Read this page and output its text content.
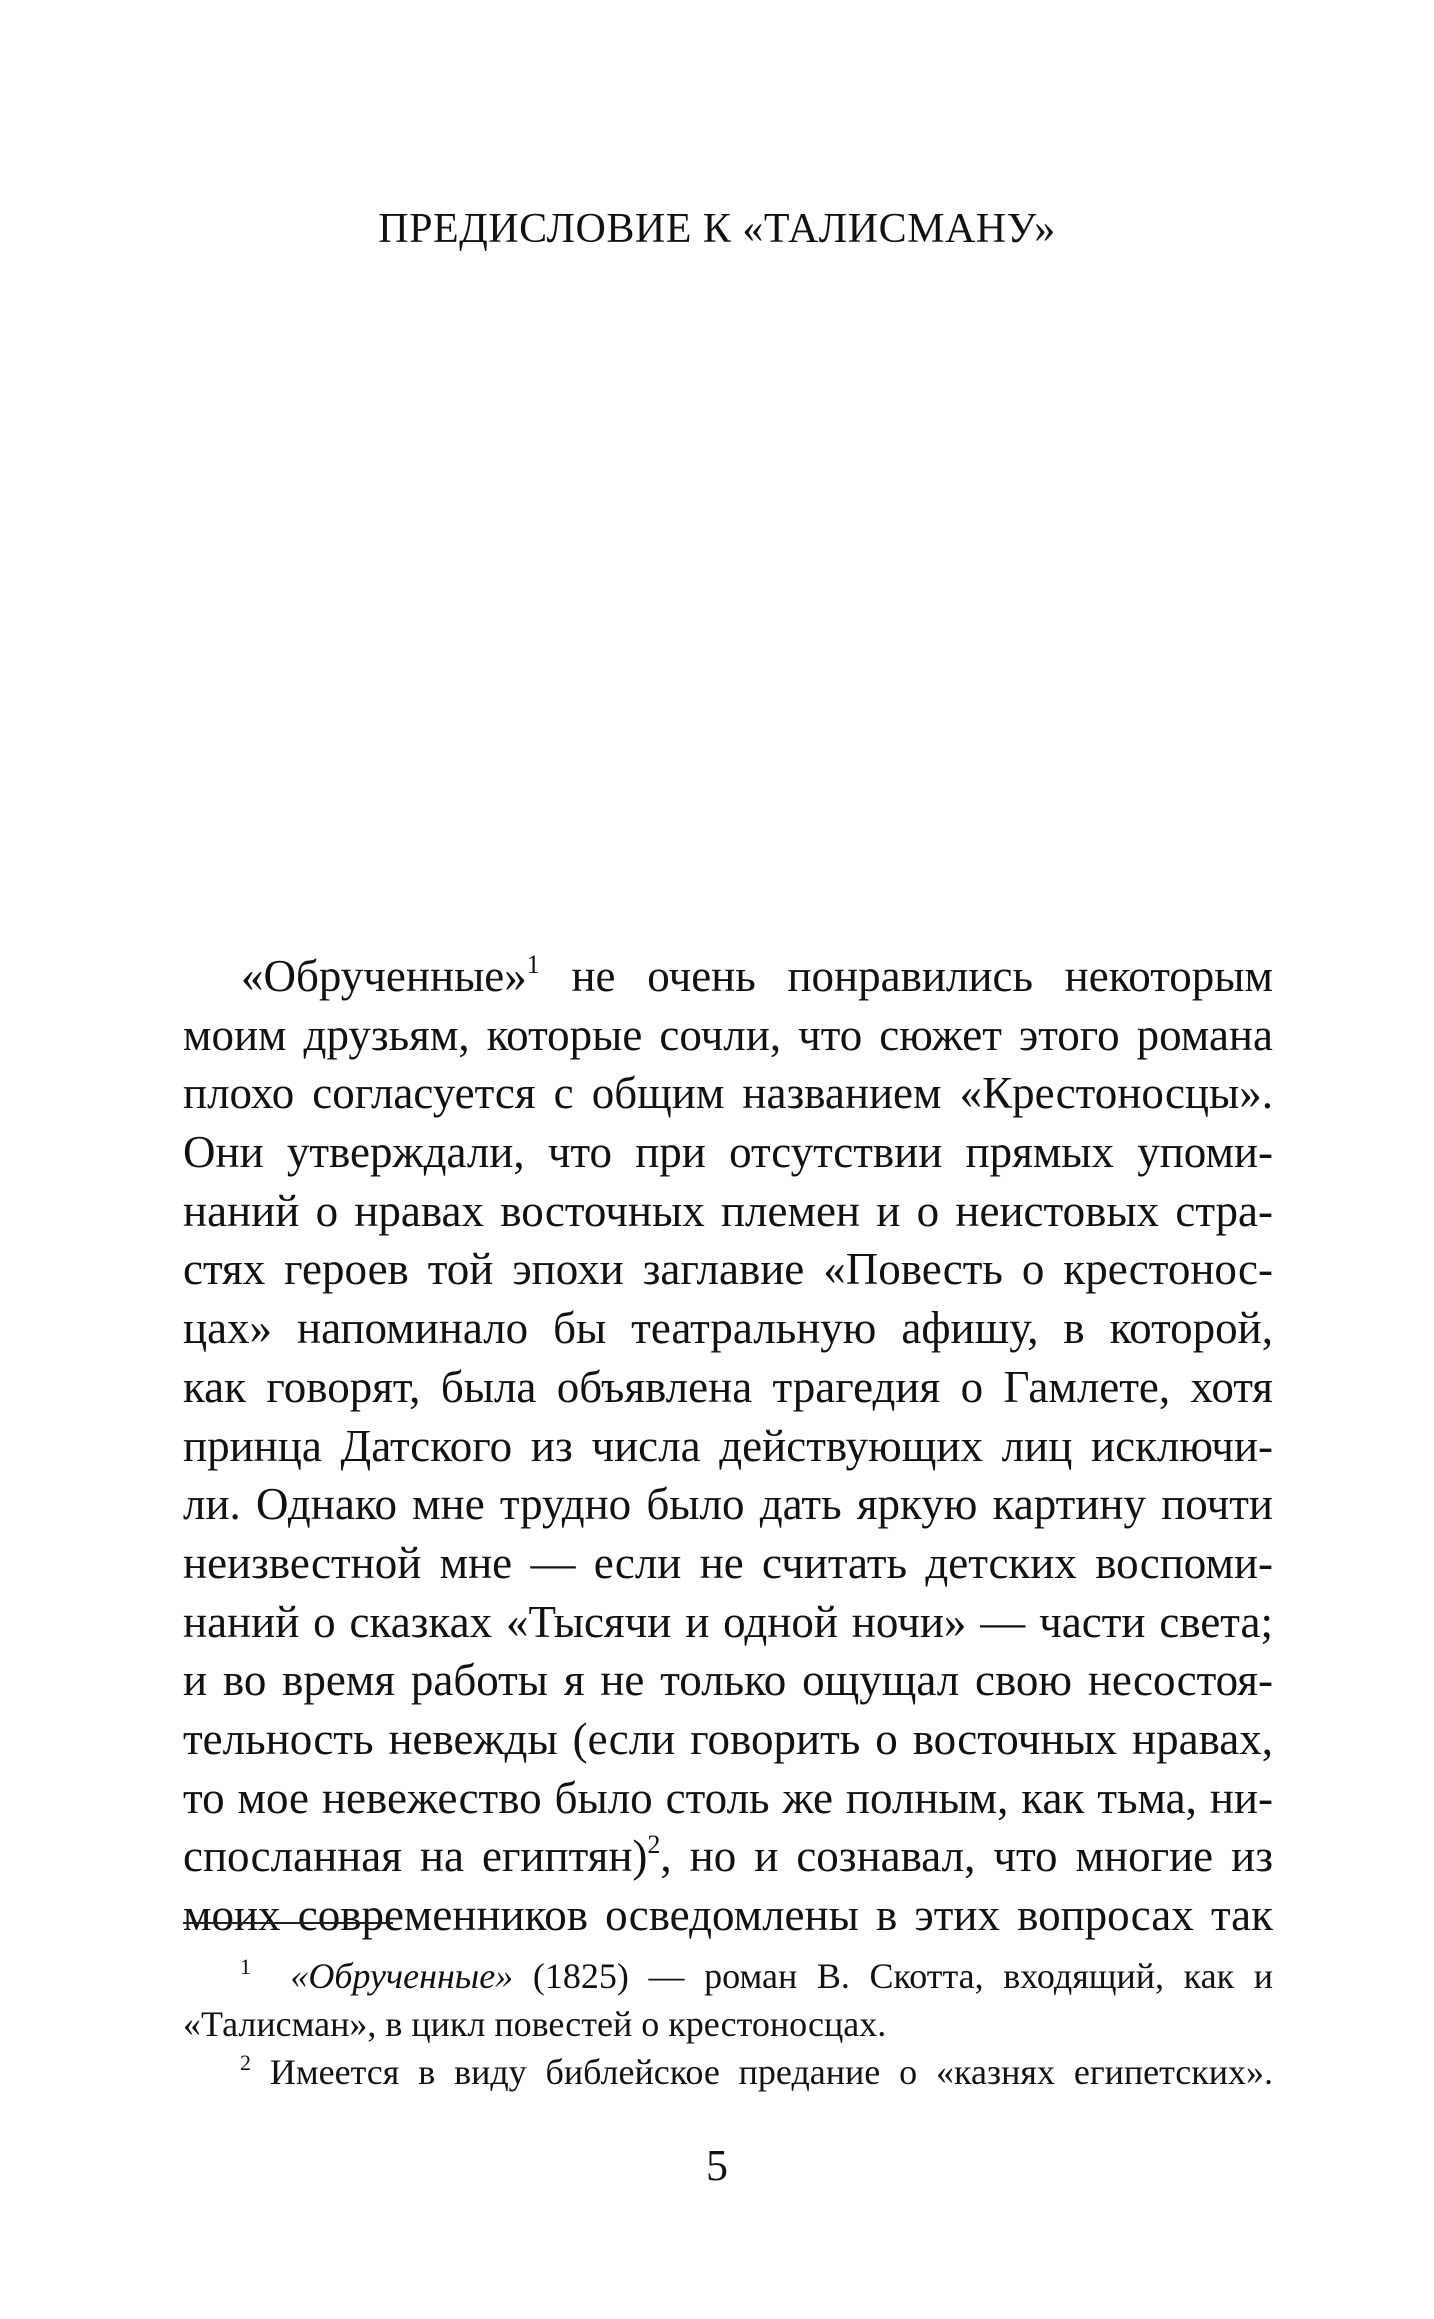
ПРЕДИСЛОВИЕ К «ТАЛИСМАНУ»
«Обрученные»$^1$ не очень понравились некоторым
моим друзьям, которые сочли, что сюжет этого романа
плохо согласуется с общим названием «Крестоносцы».
Они утверждали, что при отсутствии прямых упоми-
наний о нравах восточных племен и о неистовых стра-
стях героев той эпохи заглавие «Повесть о крестонос-
цах» напоминало бы театральную афишу, в которой,
как говорят, была объявлена трагедия о Гамлете, хотя
принца Датского из числа действующих лиц исключи-
ли. Однако мне трудно было дать яркую картину почти
неизвестной мне — если не считать детских воспоми-
наний о сказках «Тысячи и одной ночи» — части света;
и во время работы я не только ощущал свою несостоя-
тельность невежды (если говорить о восточных нравах,
то мое невежество было столь же полным, как тьма, ни-
спосланная на египтян)$^2$, но и сознавал, что многие из
моих современников осведомлены в этих вопросах так
$^1$ «Обрученные» (1825) — роман В. Скотта, входящий, как и
«Талисман», в цикл повестей о крестоносцах.
$^2$ Имеется в виду библейское предание о «казнях египетских».
5
